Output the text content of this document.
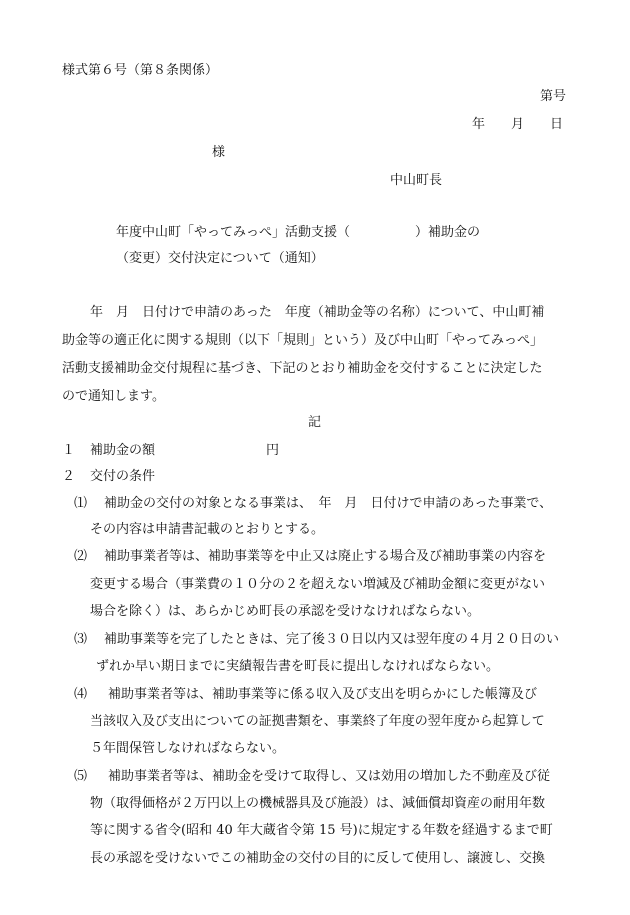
様式第６号（第８条関係）
第号
年　　月　　日
様
中山町長
年度中山町「やってみっぺ」活動支援（　　　　　）補助金の
（変更）交付決定について（通知）
年　月　日付けで申請のあった　年度（補助金等の名称）について、中山町補
助金等の適正化に関する規則（以下「規則」という）及び中山町「やってみっぺ」
活動支援補助金交付規程に基づき、下記のとおり補助金を交付することに決定した
ので通知します。
記
１ 補助金の額	円
２ 交付の条件
⑴ 補助金の交付の対象となる事業は、　年　月　日付けで申請のあった事業で、
その内容は申請書記載のとおりとする。
⑵ 補助事業者等は、補助事業等を中止又は廃止する場合及び補助事業の内容を
変更する場合（事業費の１０分の２を超えない増減及び補助金額に変更がない
場合を除く）は、あらかじめ町長の承認を受けなければならない。
⑶ 補助事業等を完了したときは、完了後３０日以内又は翌年度の４月２０日のい
ずれか早い期日までに実績報告書を町長に提出しなければならない。
⑷ 補助事業者等は、補助事業等に係る収入及び支出を明らかにした帳簿及び
当該収入及び支出についての証拠書類を、事業終了年度の翌年度から起算して
５年間保管しなければならない。
⑸ 補助事業者等は、補助金を受けて取得し、又は効用の増加した不動産及び従
物（取得価格が２万円以上の機械器具及び施設）は、減価償却資産の耐用年数
等に関する省令(昭和 40 年大蔵省令第 15 号)に規定する年数を経過するまで町
長の承認を受けないでこの補助金の交付の目的に反して使用し、譲渡し、交換
